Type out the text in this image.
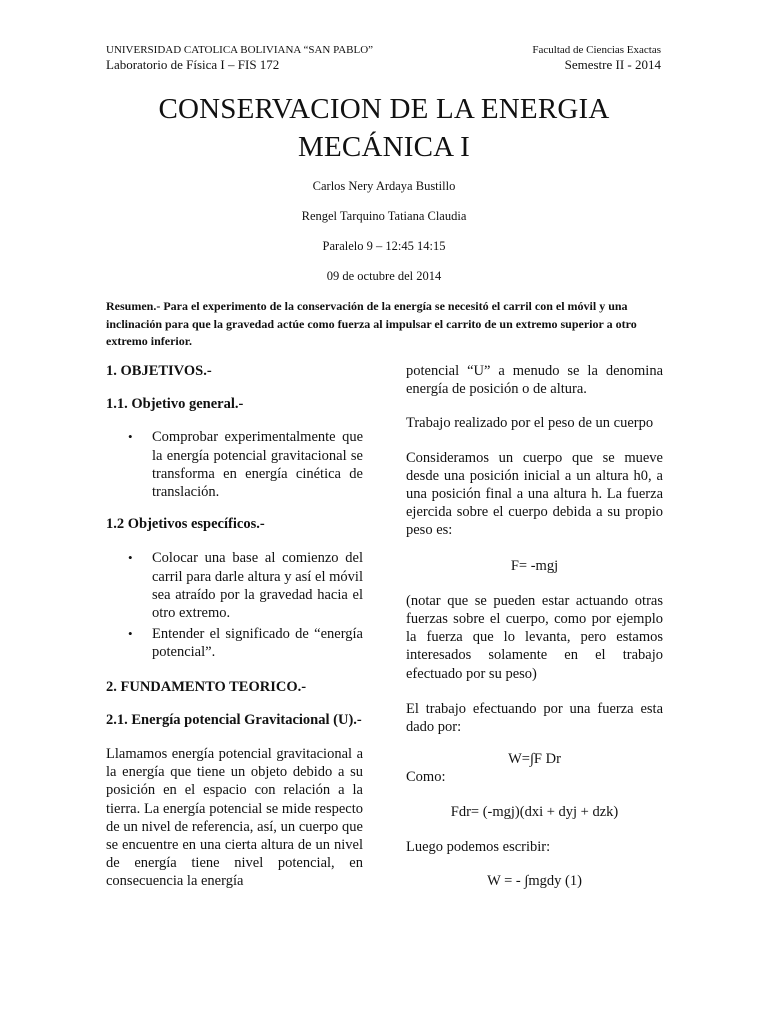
UNIVERSIDAD CATOLICA BOLIVIANA “SAN PABLO”
Laboratorio de Física I – FIS 172
Facultad de Ciencias Exactas
Semestre II - 2014
CONSERVACION DE LA ENERGIA
MECÁNICA I
Carlos Nery Ardaya Bustillo
Rengel Tarquino Tatiana Claudia
Paralelo 9 – 12:45 14:15
09 de octubre del 2014
Resumen.- Para el experimento de la conservación de la energía se necesitó el carril con el móvil y una inclinación para que la gravedad actúe como fuerza al impulsar el carrito de un extremo superior a otro extremo inferior.

1. OBJETIVOS.-

1.1. Objetivo general.-

• Comprobar experimentalmente que la energía potencial gravitacional se transforma en energía cinética de translación.

1.2 Objetivos específicos.-

• Colocar una base al comienzo del carril para darle altura y así el móvil sea atraído por la gravedad hacia el otro extremo.
• Entender el significado de “energía potencial”.

2. FUNDAMENTO TEORICO.-

2.1. Energía potencial Gravitacional (U).-

Llamamos energía potencial gravitacional a la energía que tiene un objeto debido a su posición en el espacio con relación a la tierra. La energía potencial se mide respecto de un nivel de referencia, así, un cuerpo que se encuentre en una cierta altura de un nivel de energía tiene nivel potencial, en consecuencia la energía

potencial “U” a menudo se la denomina energía de posición o de altura.

Trabajo realizado por el peso de un cuerpo

Consideramos un cuerpo que se mueve desde una posición inicial a un altura h0, a una posición final a una altura h. La fuerza ejercida sobre el cuerpo debida a su propio peso es:

F= -mgj

(notar que se pueden estar actuando otras fuerzas sobre el cuerpo, como por ejemplo la fuerza que lo levanta, pero estamos interesados solamente en el trabajo efectuado por su peso)

El trabajo efectuando por una fuerza esta dado por:

W=∫F Dr

Como:

Fdr= (-mgj)(dxi + dyj + dzk)

Luego podemos escribir:

W = - ∫mgdy (1)
